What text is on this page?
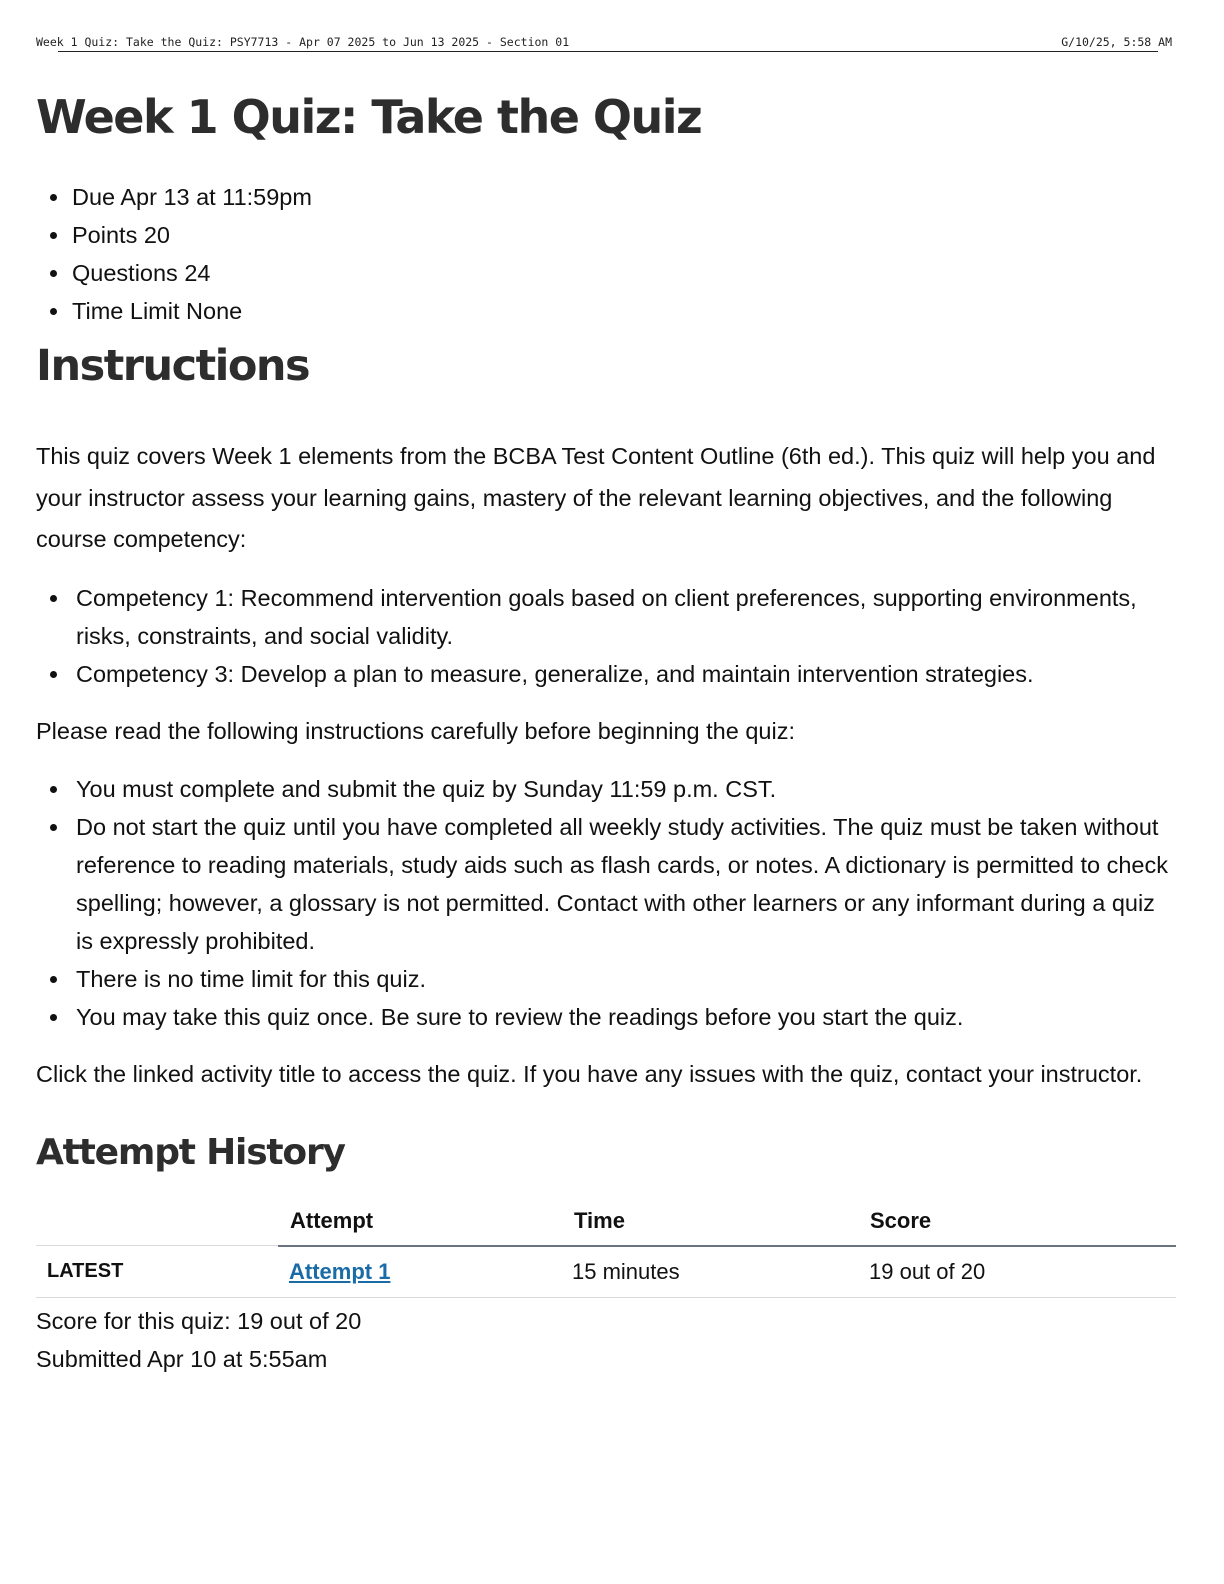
Week 1 Quiz: Take the Quiz: PSY7713 - Apr 07 2025 to Jun 13 2025 - Section 01	G/10/25, 5:58 AM
Week 1 Quiz: Take the Quiz
Due Apr 13 at 11:59pm
Points 20
Questions 24
Time Limit None
Instructions

This quiz covers Week 1 elements from the BCBA Test Content Outline (6th ed.). This quiz will help you and your instructor assess your learning gains, mastery of the relevant learning objectives, and the following course competency:

Competency 1: Recommend intervention goals based on client preferences, supporting environments, risks, constraints, and social validity.
Competency 3: Develop a plan to measure, generalize, and maintain intervention strategies.

Please read the following instructions carefully before beginning the quiz:

You must complete and submit the quiz by Sunday 11:59 p.m. CST.
Do not start the quiz until you have completed all weekly study activities. The quiz must be taken without reference to reading materials, study aids such as flash cards, or notes. A dictionary is permitted to check spelling; however, a glossary is not permitted. Contact with other learners or any informant during a quiz is expressly prohibited.
There is no time limit for this quiz.
You may take this quiz once. Be sure to review the readings before you start the quiz.

Click the linked activity title to access the quiz. If you have any issues with the quiz, contact your instructor.

Attempt History
	Attempt	Time	Score
LATEST	Attempt 1	15 minutes	19 out of 20
Score for this quiz: 19 out of 20
Submitted Apr 10 at 5:55am
